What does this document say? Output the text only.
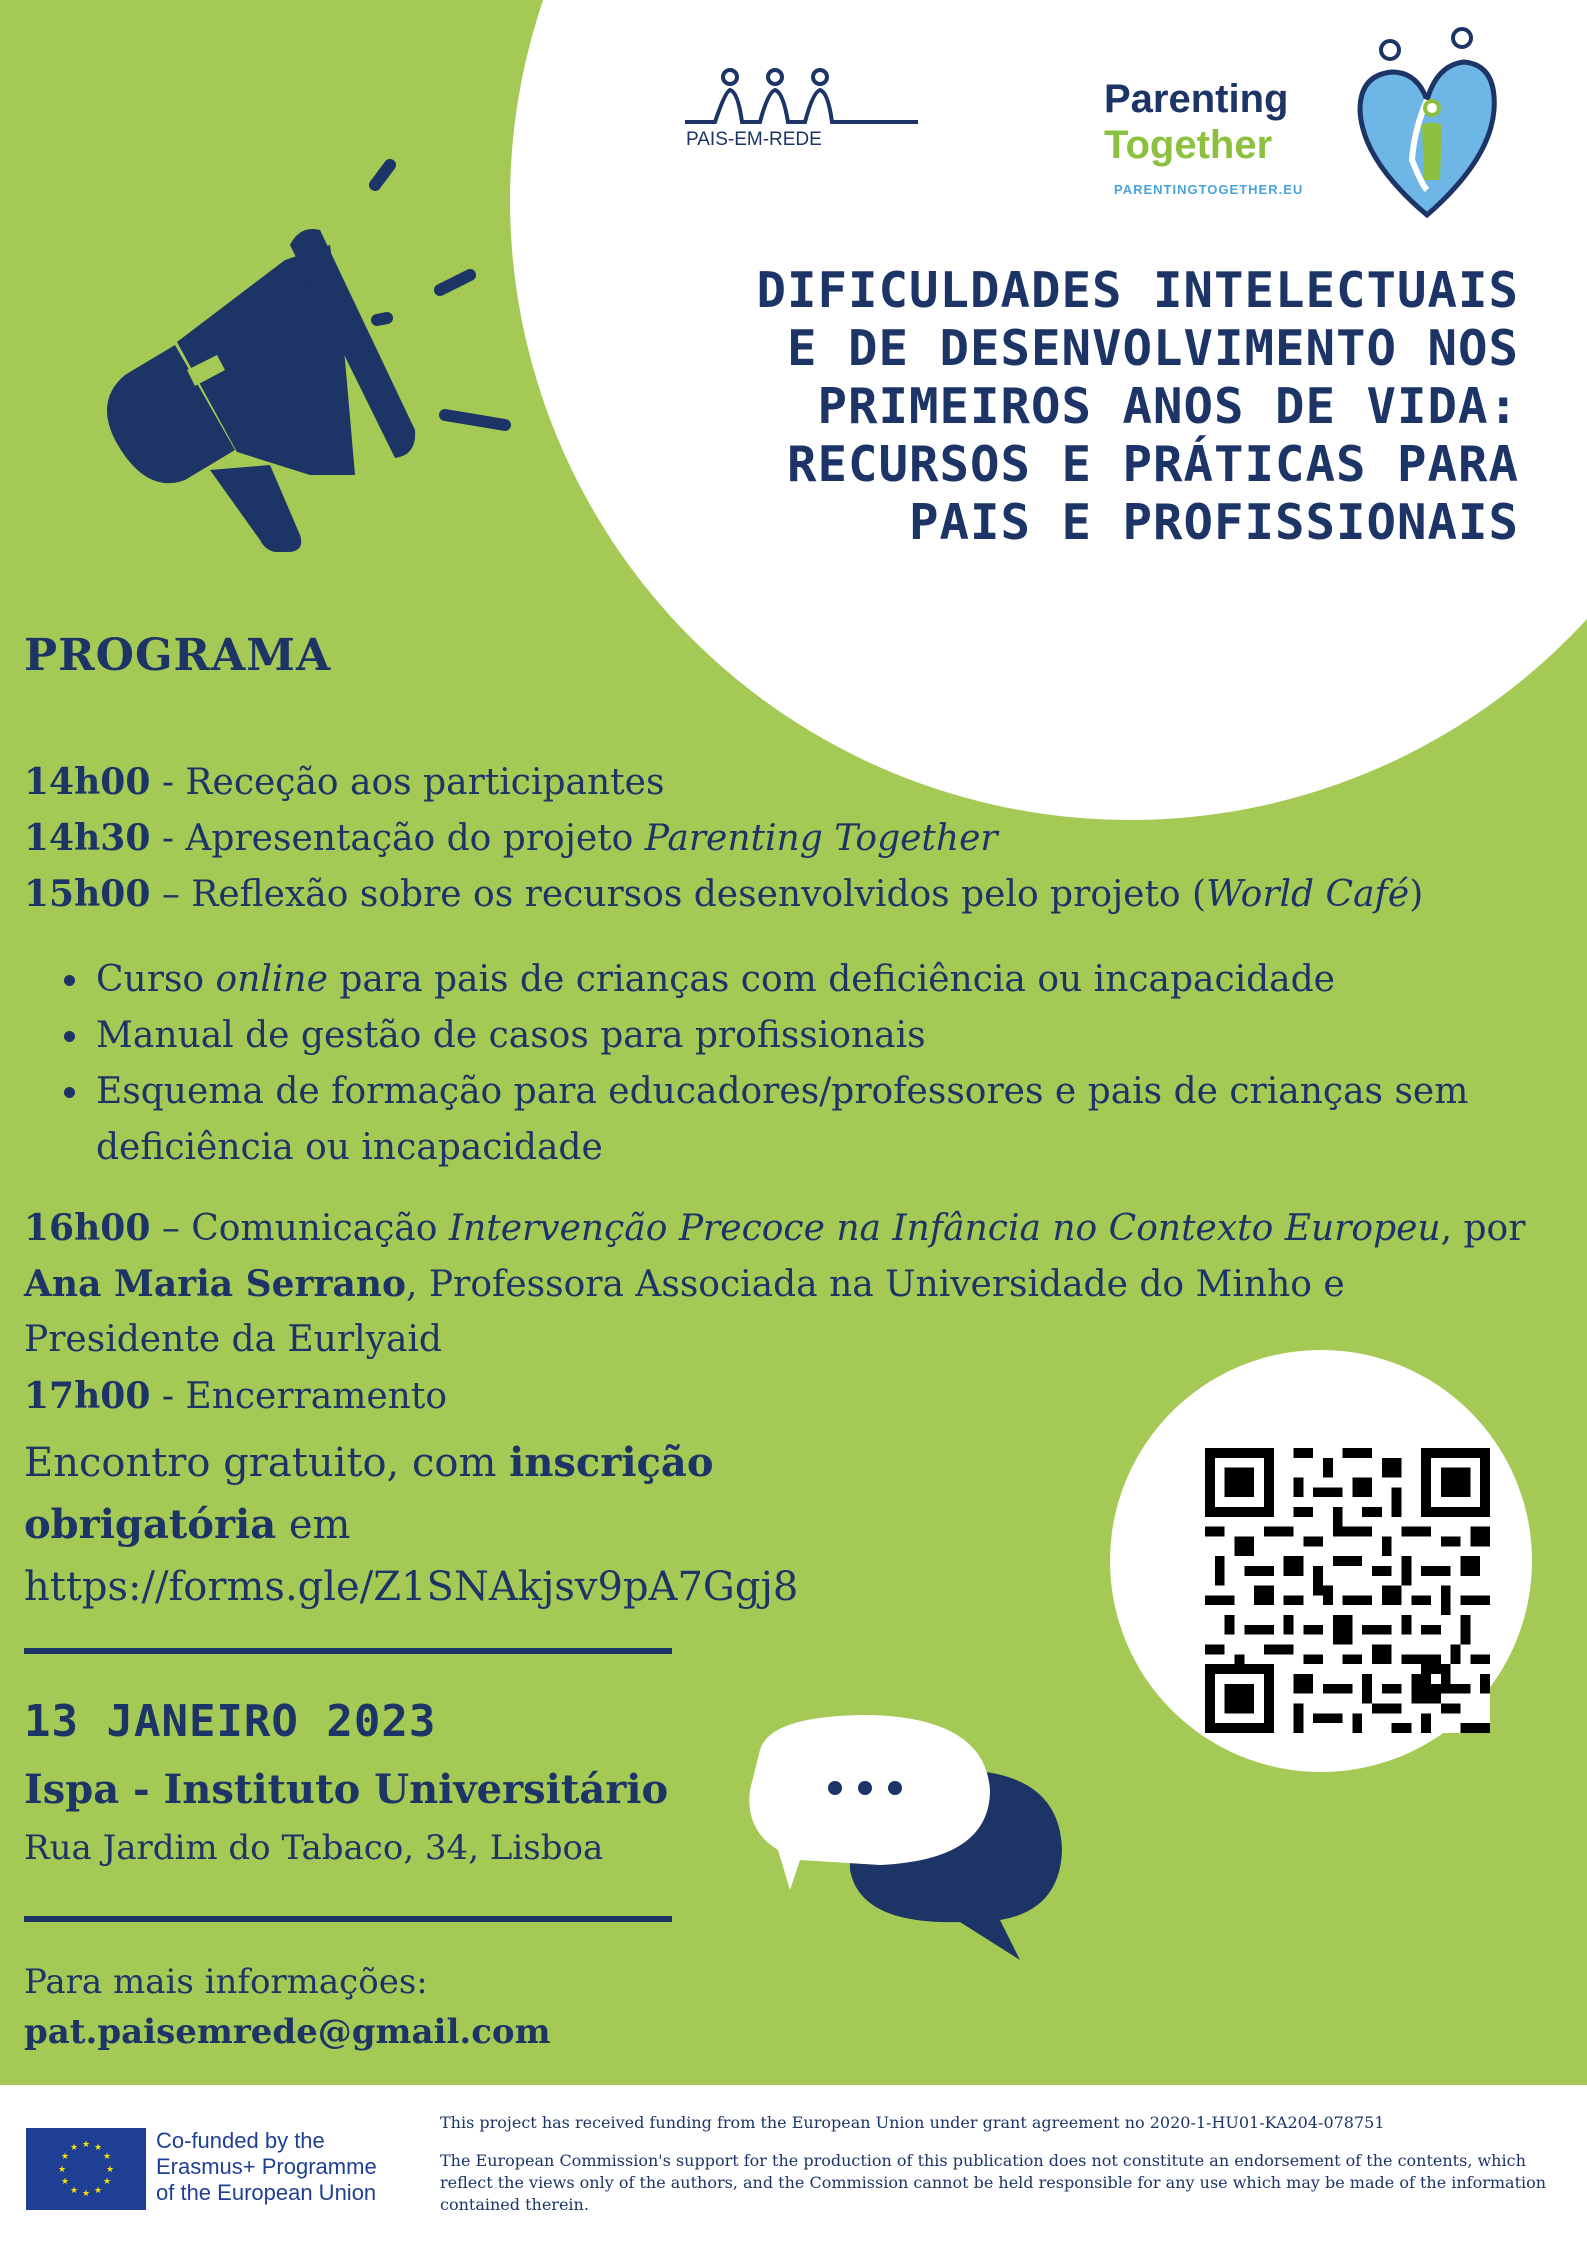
PAIS-EM-REDE
Parenting
Together
PARENTINGTOGETHER.EU
DIFICULDADES INTELECTUAIS
E DE DESENVOLVIMENTO NOS
PRIMEIROS ANOS DE VIDA:
RECURSOS E PRÁTICAS PARA
PAIS E PROFISSIONAIS
PROGRAMA
14h00 - Receção aos participantes
14h30 - Apresentação do projeto Parenting Together
15h00 – Reflexão sobre os recursos desenvolvidos pelo projeto (World Café)
• Curso online para pais de crianças com deficiência ou incapacidade
• Manual de gestão de casos para profissionais
• Esquema de formação para educadores/professores e pais de crianças sem deficiência ou incapacidade
16h00 – Comunicação Intervenção Precoce na Infância no Contexto Europeu, por
Ana Maria Serrano, Professora Associada na Universidade do Minho e
Presidente da Eurlyaid
17h00 - Encerramento
Encontro gratuito, com inscrição
obrigatória em
https://forms.gle/Z1SNAkjsv9pA7Ggj8
13 JANEIRO 2023
Ispa - Instituto Universitário
Rua Jardim do Tabaco, 34, Lisboa
Para mais informações:
pat.paisemrede@gmail.com
★ ★
★
★
★
★
★
★
★
★
★
★	Co-funded by the Erasmus+ Programme of the European Union
This project has received funding from the European Union under grant agreement no 2020-1-HU01-KA204-078751
The European Commission's support for the production of this publication does not constitute an endorsement of the contents, which reflect the views only of the authors, and the Commission cannot be held responsible for any use which may be made of the information contained therein.
